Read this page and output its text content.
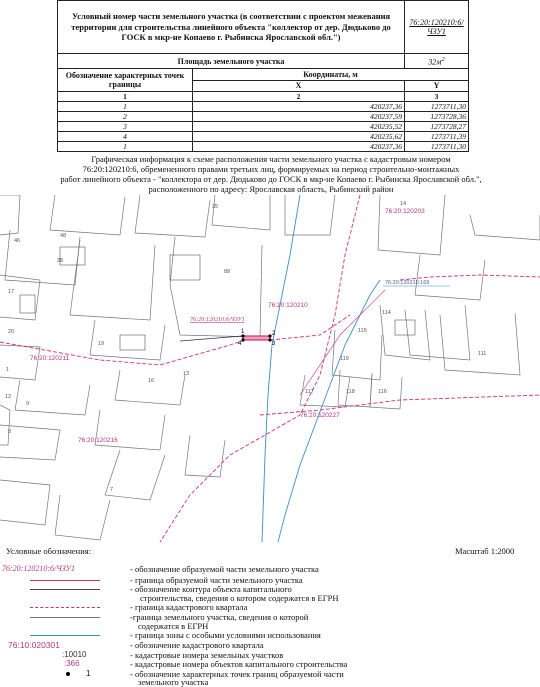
Условный номер части земельного участка (в соответствии с проектом межевания территории для строительства линейного объекта "коллектор от дер. Дюдьково до ГОСК в мкр-не Копаево г. Рыбинска Ярославской обл.")		76:20:120210:6/ЧЗУ1
Площадь земельного участка		$32м^2$
Обозначение характерных точек границы	Координаты, м	
	X	Y
1	2	3
1	420237,36	1273711,30
2	420237,59	1273728,36
3	420235,52	1273728,27
4	420235,62	1273711,39
1	420237,36	1273711,30
Графическая информация к схеме расположения части земельного участка с кадастровым номером
76:20:120210:6, обремененного правами третьих лиц, формируемых на период строительно-монтажных
работ линейного объекта - "коллектора от дер. Дюдьково до ГОСК в мкр-не Копаево г. Рыбинска Ярославской обл.",
расположенного по адресу: Ярославская область, Рыбинский район
1	2
3
4
76:20:120210:6/ЧЗУ1
76:20:120210:169
76:20:120203
76:20:120210
76:20:120211
76:20:120227
76:20:120216
14
48
35
38
17
46
88
19
20
13
9
12
16
8
115
114
119
117	118	116
111
1
7
Условные обозначения:	Масштаб 1:2000
76:20:120210:6/ЧЗУ1	- обозначение образуемой части земельного участка
- граница образуемой части земельного участка
- обозначение контура объекта капитального
строительства, сведения о котором содержатся в ЕГРН
- граница кадастрового квартала
-граница земельного участка, сведения о которой
содержатся в ЕГРН
- граница зоны с особыми условиями использования
76:10:020301	- обозначение кадастрового квартала
:10010	- кадастровые номера земельных участков
:366	- кадастровые номера объектов капитального строительства
1	- обозначение характерных точек границ образуемой части
земельного участка
